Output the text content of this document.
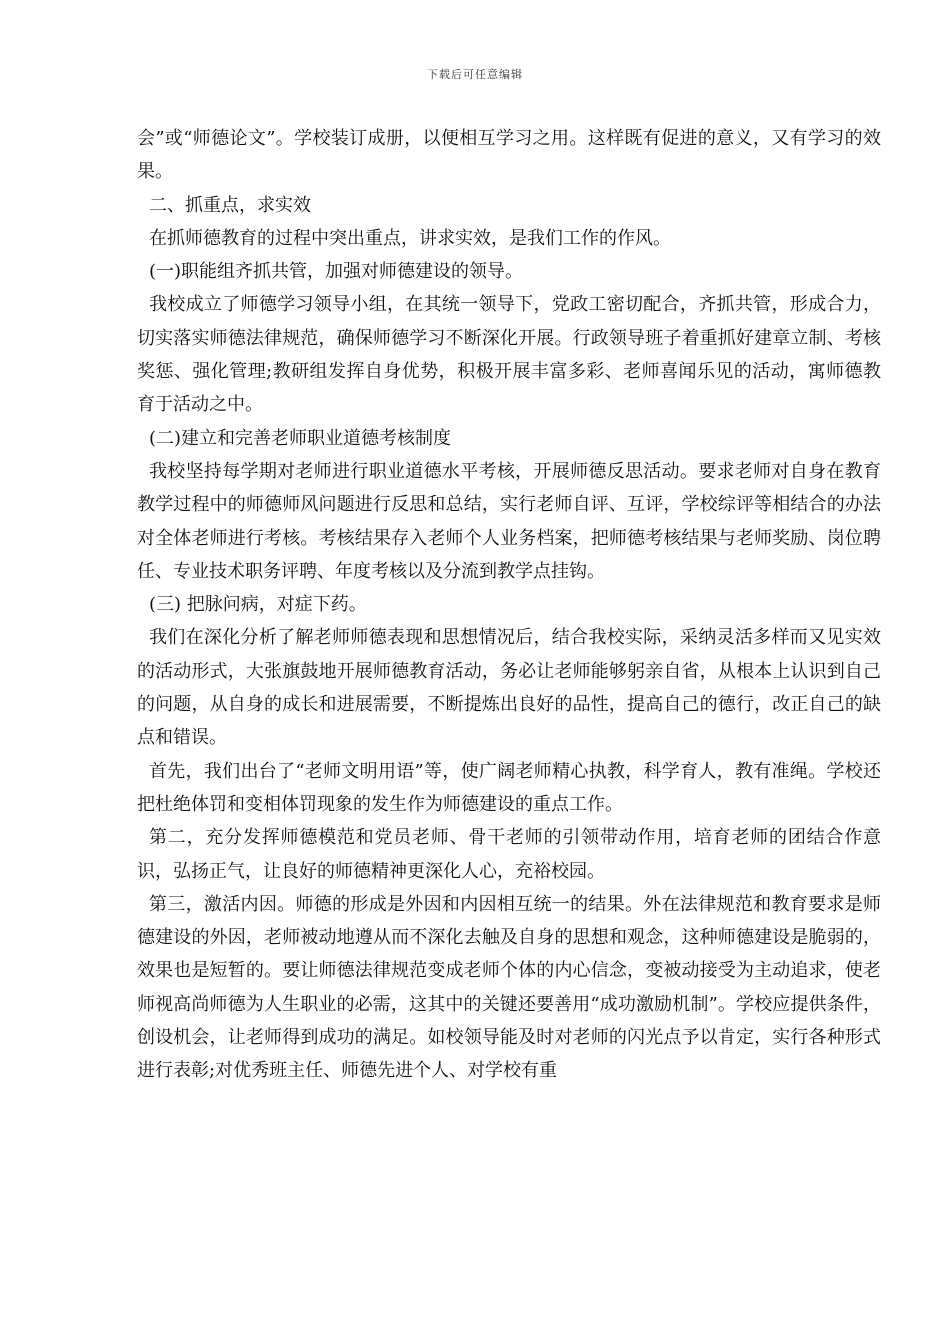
下载后可任意编辑

会”或“师德论文”。学校装订成册，以便相互学习之用。这样既有促进的意义，又有学习的效果。

二、抓重点，求实效

在抓师德教育的过程中突出重点，讲求实效，是我们工作的作风。

(一)职能组齐抓共管，加强对师德建设的领导。

我校成立了师德学习领导小组，在其统一领导下，党政工密切配合，齐抓共管，形成合力，切实落实师德法律规范，确保师德学习不断深化开展。行政领导班子着重抓好建章立制、考核奖惩、强化管理;教研组发挥自身优势，积极开展丰富多彩、老师喜闻乐见的活动，寓师德教育于活动之中。

(二)建立和完善老师职业道德考核制度

我校坚持每学期对老师进行职业道德水平考核，开展师德反思活动。要求老师对自身在教育教学过程中的师德师风问题进行反思和总结，实行老师自评、互评，学校综评等相结合的办法对全体老师进行考核。考核结果存入老师个人业务档案，把师德考核结果与老师奖励、岗位聘任、专业技术职务评聘、年度考核以及分流到教学点挂钩。

(三) 把脉问病，对症下药。

我们在深化分析了解老师师德表现和思想情况后，结合我校实际，采纳灵活多样而又见实效的活动形式，大张旗鼓地开展师德教育活动，务必让老师能够躬亲自省，从根本上认识到自己的问题，从自身的成长和进展需要，不断提炼出良好的品性，提高自己的德行，改正自己的缺点和错误。

首先，我们出台了“老师文明用语”等，使广阔老师精心执教，科学育人，教有准绳。学校还把杜绝体罚和变相体罚现象的发生作为师德建设的重点工作。

第二，充分发挥师德模范和党员老师、骨干老师的引领带动作用，培育老师的团结合作意识，弘扬正气，让良好的师德精神更深化人心，充裕校园。

第三，激活内因。师德的形成是外因和内因相互统一的结果。外在法律规范和教育要求是师德建设的外因，老师被动地遵从而不深化去触及自身的思想和观念，这种师德建设是脆弱的，效果也是短暂的。要让师德法律规范变成老师个体的内心信念，变被动接受为主动追求，使老师视高尚师德为人生职业的必需，这其中的关键还要善用“成功激励机制”。学校应提供条件，创设机会，让老师得到成功的满足。如校领导能及时对老师的闪光点予以肯定，实行各种形式进行表彰;对优秀班主任、师德先进个人、对学校有重
